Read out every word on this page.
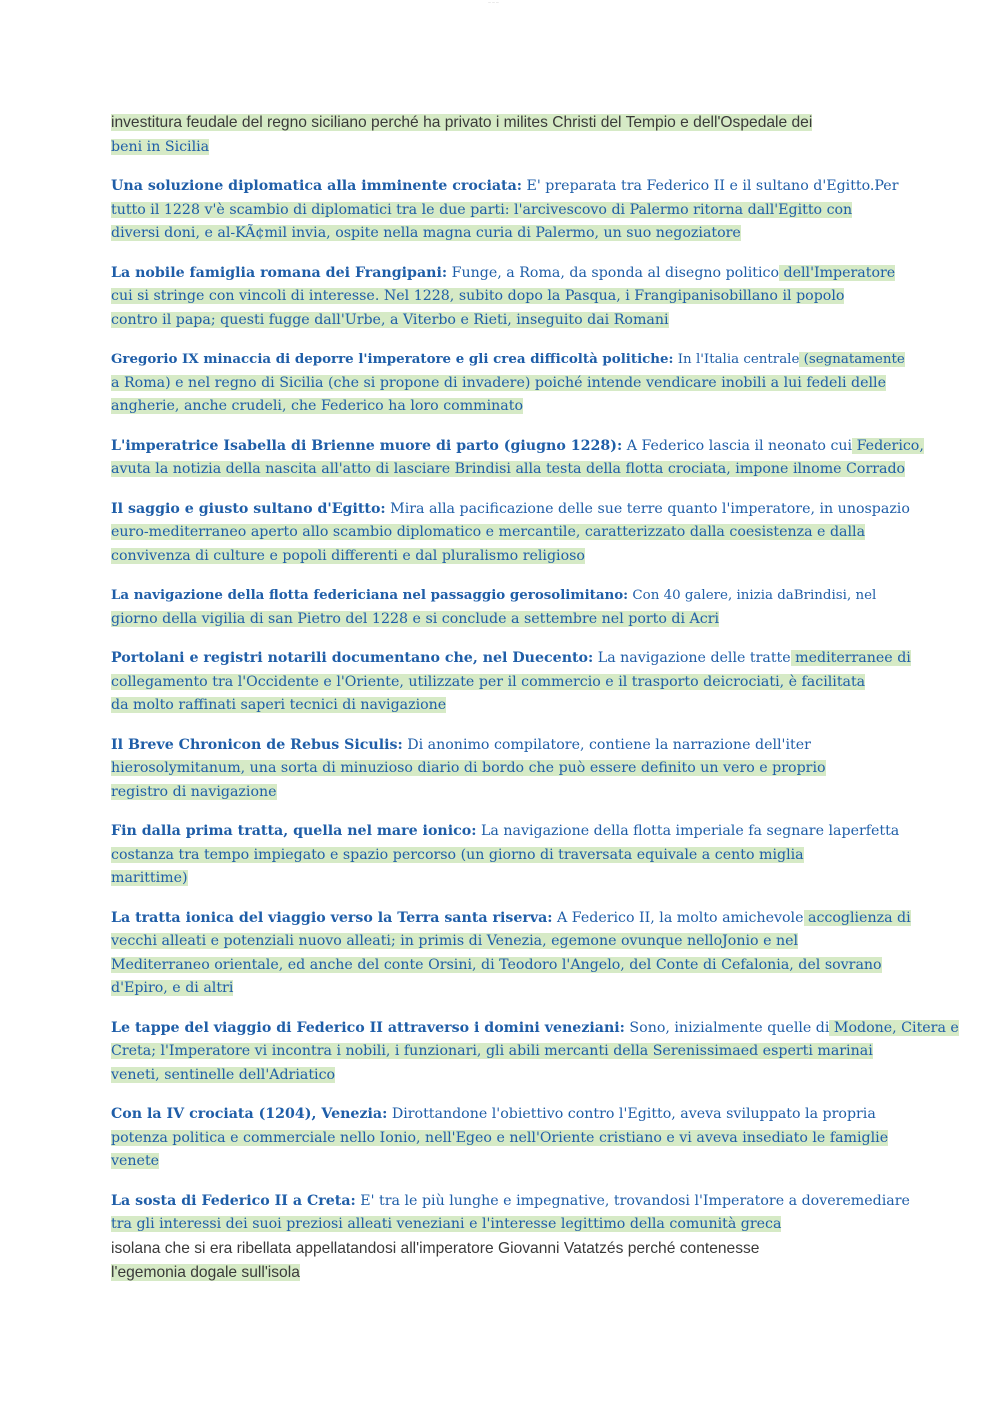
— — —

investitura feudale del regno siciliano perché ha privato i milites Christi del Tempio e dell'Ospedale dei
beni in Sicilia

Una soluzione diplomatica alla imminente crociata: E' preparata tra Federico II e il sultano d'Egitto.Per
tutto il 1228 v'è scambio di diplomatici tra le due parti: l'arcivescovo di Palermo ritorna dall'Egitto con
diversi doni, e al-KÃ¢mil invia, ospite nella magna curia di Palermo, un suo negoziatore

La nobile famiglia romana dei Frangipani: Funge, a Roma, da sponda al disegno politico dell'Imperatore
cui si stringe con vincoli di interesse. Nel 1228, subito dopo la Pasqua, i Frangipanisobillano il popolo
contro il papa; questi fugge dall'Urbe, a Viterbo e Rieti, inseguito dai Romani

Gregorio IX minaccia di deporre l'imperatore e gli crea difficoltà politiche: In l'Italia centrale (segnatamente
a Roma) e nel regno di Sicilia (che si propone di invadere) poiché intende vendicare inobili a lui fedeli delle
angherie, anche crudeli, che Federico ha loro comminato

L'imperatrice Isabella di Brienne muore di parto (giugno 1228): A Federico lascia il neonato cui Federico,
avuta la notizia della nascita all'atto di lasciare Brindisi alla testa della flotta crociata, impone ilnome Corrado

Il saggio e giusto sultano d'Egitto: Mira alla pacificazione delle sue terre quanto l'imperatore, in unospazio
euro-mediterraneo aperto allo scambio diplomatico e mercantile, caratterizzato dalla coesistenza e dalla
convivenza di culture e popoli differenti e dal pluralismo religioso

La navigazione della flotta federiciana nel passaggio gerosolimitano: Con 40 galere, inizia daBrindisi, nel
giorno della vigilia di san Pietro del 1228 e si conclude a settembre nel porto di Acri

Portolani e registri notarili documentano che, nel Duecento: La navigazione delle tratte mediterranee di
collegamento tra l'Occidente e l'Oriente, utilizzate per il commercio e il trasporto deicrociati, è facilitata
da molto raffinati saperi tecnici di navigazione

Il Breve Chronicon de Rebus Siculis: Di anonimo compilatore, contiene la narrazione dell'iter
hierosolymitanum, una sorta di minuzioso diario di bordo che può essere definito un vero e proprio
registro di navigazione

Fin dalla prima tratta, quella nel mare ionico: La navigazione della flotta imperiale fa segnare laperfetta
costanza tra tempo impiegato e spazio percorso (un giorno di traversata equivale a cento miglia
marittime)

La tratta ionica del viaggio verso la Terra santa riserva: A Federico II, la molto amichevole accoglienza di
vecchi alleati e potenziali nuovo alleati; in primis di Venezia, egemone ovunque nelloJonio e nel
Mediterraneo orientale, ed anche del conte Orsini, di Teodoro l'Angelo, del Conte di Cefalonia, del sovrano
d'Epiro, e di altri

Le tappe del viaggio di Federico II attraverso i domini veneziani: Sono, inizialmente quelle di Modone, Citera e
Creta; l'Imperatore vi incontra i nobili, i funzionari, gli abili mercanti della Serenissimaed esperti marinai
veneti, sentinelle dell'Adriatico

Con la IV crociata (1204), Venezia: Dirottandone l'obiettivo contro l'Egitto, aveva sviluppato la propria
potenza politica e commerciale nello Ionio, nell'Egeo e nell'Oriente cristiano e vi aveva insediato le famiglie
venete

La sosta di Federico II a Creta: E' tra le più lunghe e impegnative, trovandosi l'Imperatore a doveremediare
tra gli interessi dei suoi preziosi alleati veneziani e l'interesse legittimo della comunità greca
isolana che si era ribellata appellatandosi all'imperatore Giovanni Vatatzés perché contenesse
l'egemonia dogale sull'isola
